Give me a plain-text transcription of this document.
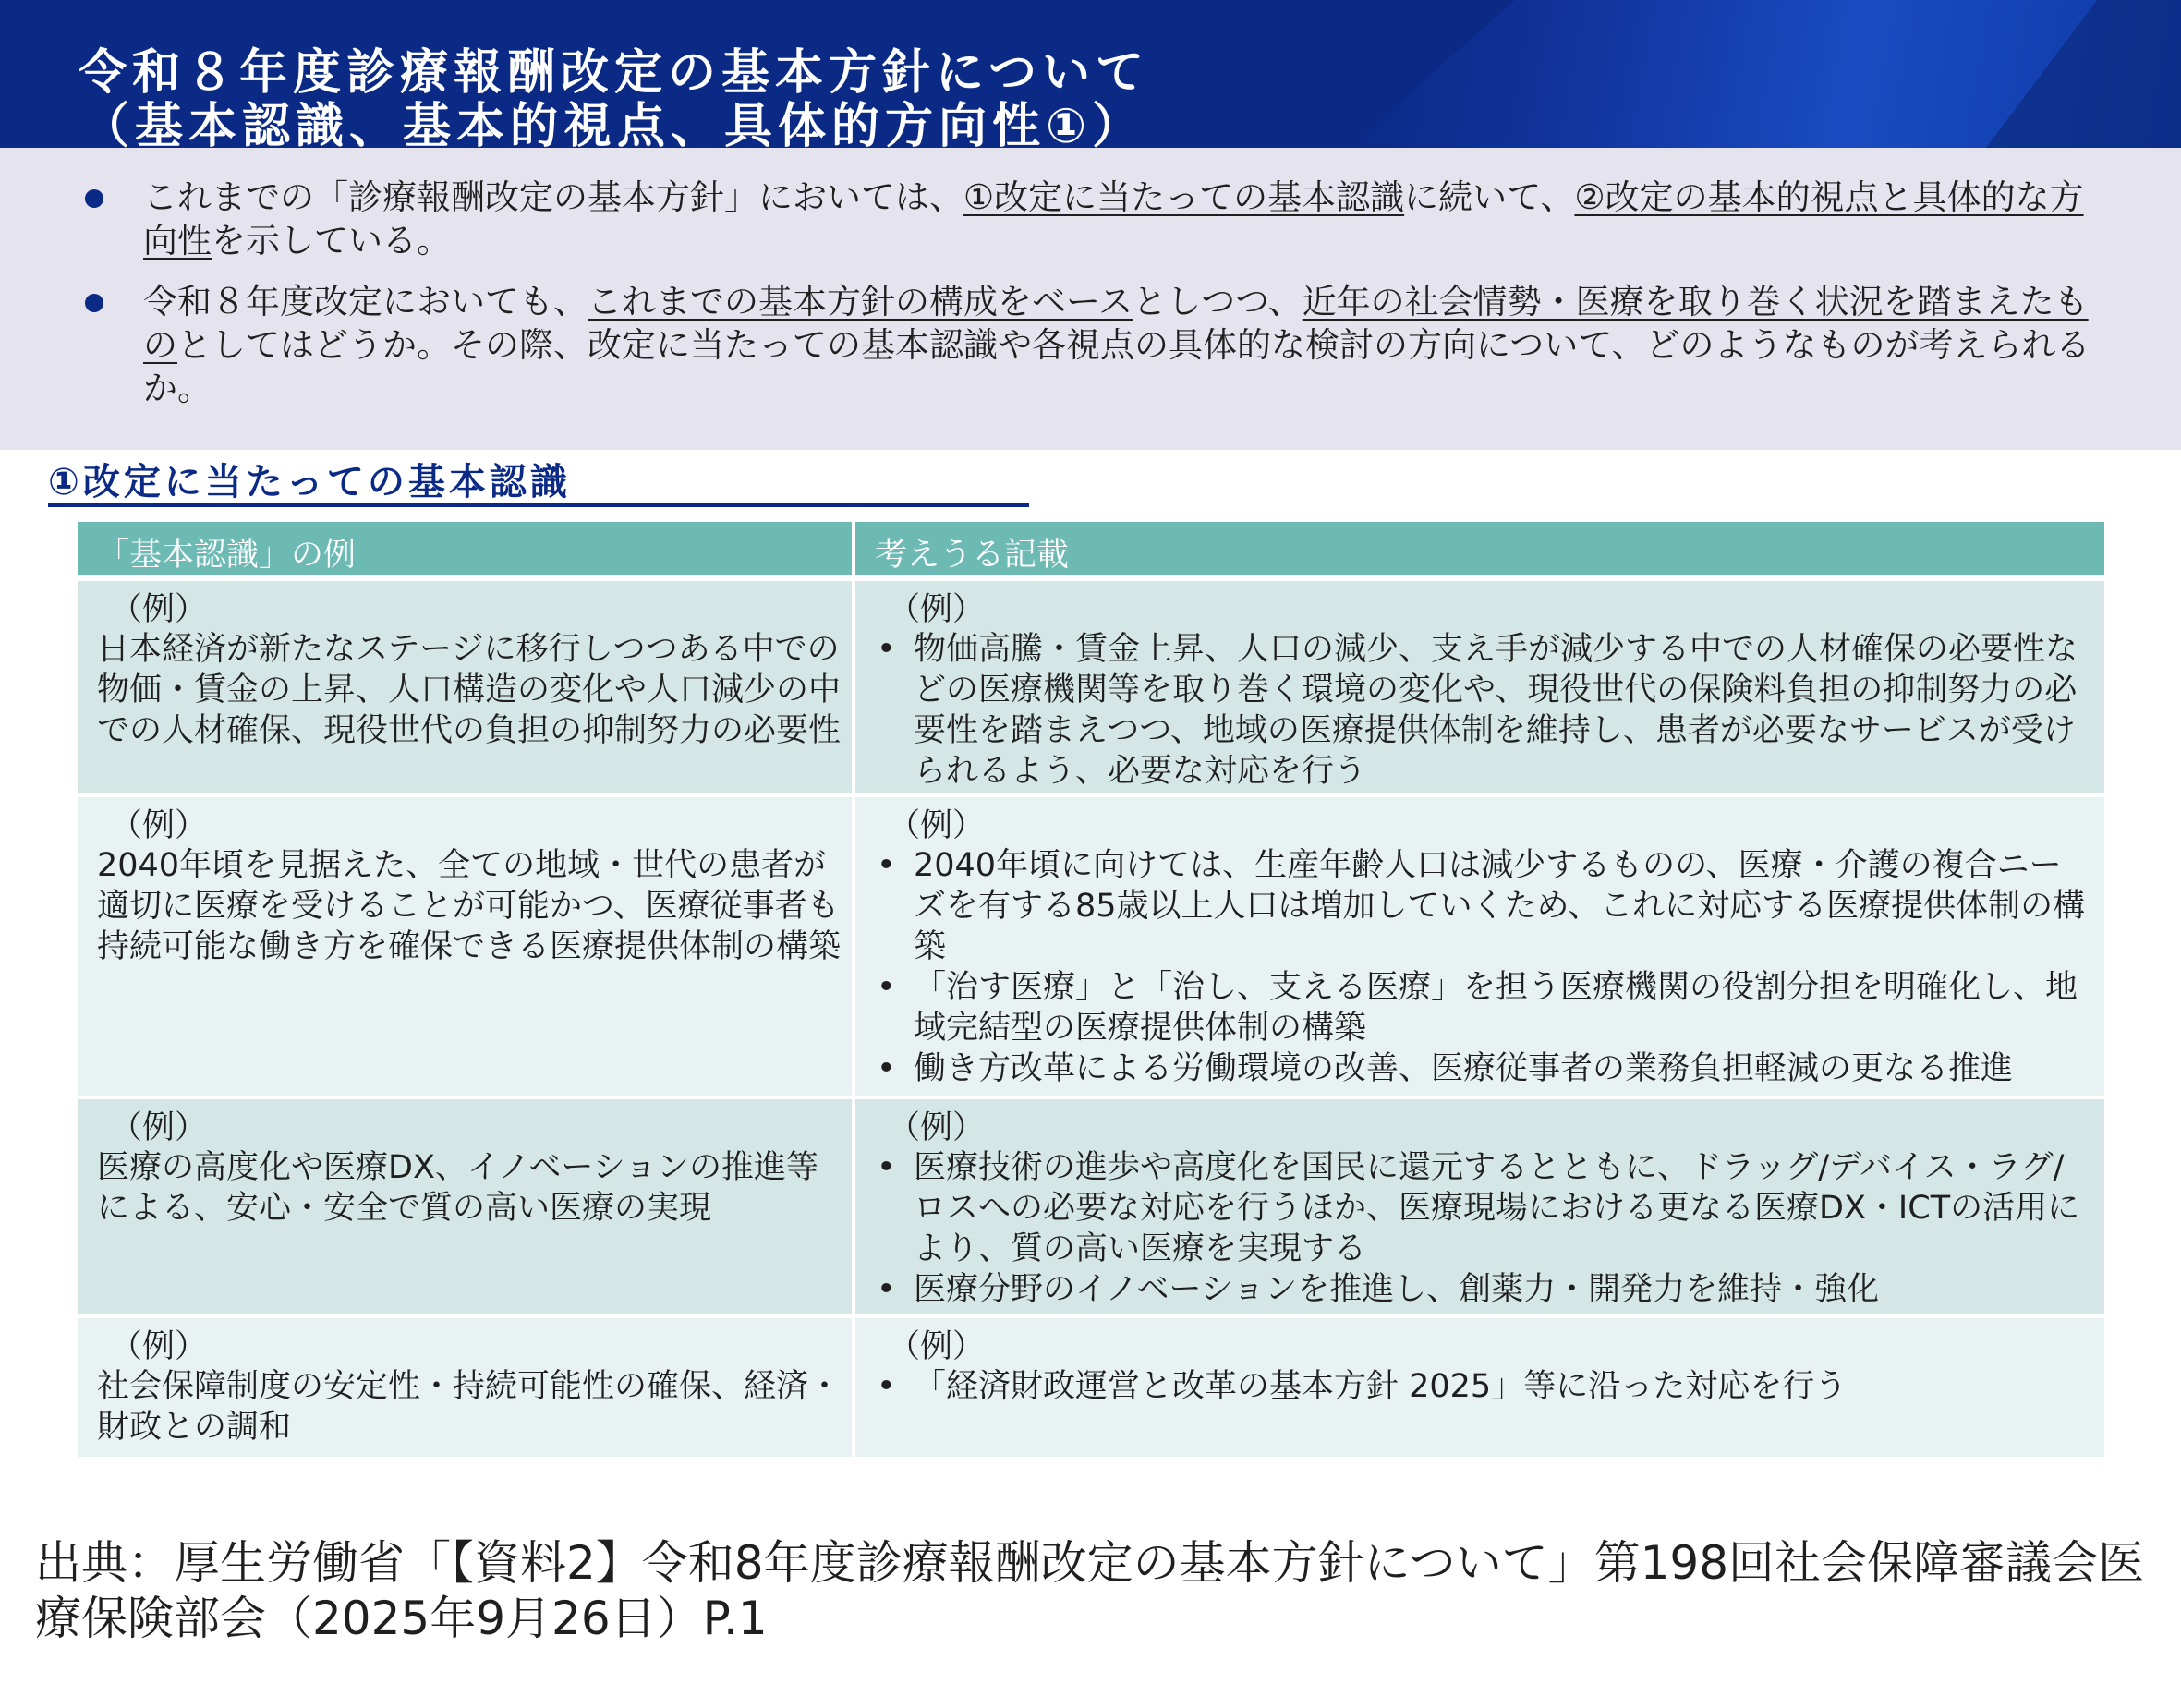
令和８年度診療報酬改定の基本方針について
（基本認識、基本的視点、具体的方向性①）
これまでの「診療報酬改定の基本方針」においては、①改定に当たっての基本認識に続いて、②改定の基本的視点と具体的な方向性を示している。
令和８年度改定においても、これまでの基本方針の構成をベースとしつつ、近年の社会情勢・医療を取り巻く状況を踏まえたものとしてはどうか。その際、改定に当たっての基本認識や各視点の具体的な検討の方向について、どのようなものが考えられるか。
①改定に当たっての基本認識
「基本認識」の例	考えうる記載
（例）
日本経済が新たなステージに移行しつつある中での物価・賃金の上昇、人口構造の変化や人口減少の中での人材確保、現役世代の負担の抑制努力の必要性
（例）
• 物価高騰・賃金上昇、人口の減少、支え手が減少する中での人材確保の必要性などの医療機関等を取り巻く環境の変化や、現役世代の保険料負担の抑制努力の必要性を踏まえつつ、地域の医療提供体制を維持し、患者が必要なサービスが受けられるよう、必要な対応を行う
（例）
2040年頃を見据えた、全ての地域・世代の患者が適切に医療を受けることが可能かつ、医療従事者も持続可能な働き方を確保できる医療提供体制の構築
（例）
• 2040年頃に向けては、生産年齢人口は減少するものの、医療・介護の複合ニーズを有する85歳以上人口は増加していくため、これに対応する医療提供体制の構築
• 「治す医療」と「治し、支える医療」を担う医療機関の役割分担を明確化し、地域完結型の医療提供体制の構築
• 働き方改革による労働環境の改善、医療従事者の業務負担軽減の更なる推進
（例）
医療の高度化や医療DX、イノベーションの推進等による、安心・安全で質の高い医療の実現
（例）
• 医療技術の進歩や高度化を国民に還元するとともに、ドラッグ/デバイス・ラグ/ロスへの必要な対応を行うほか、医療現場における更なる医療DX・ICTの活用により、質の高い医療を実現する
• 医療分野のイノベーションを推進し、創薬力・開発力を維持・強化
（例）
社会保障制度の安定性・持続可能性の確保、経済・財政との調和
（例）
• 「経済財政運営と改革の基本方針 2025」等に沿った対応を行う
出典：厚生労働省「【資料2】令和8年度診療報酬改定の基本方針について」第198回社会保障審議会医療保険部会（2025年9月26日）P.1
